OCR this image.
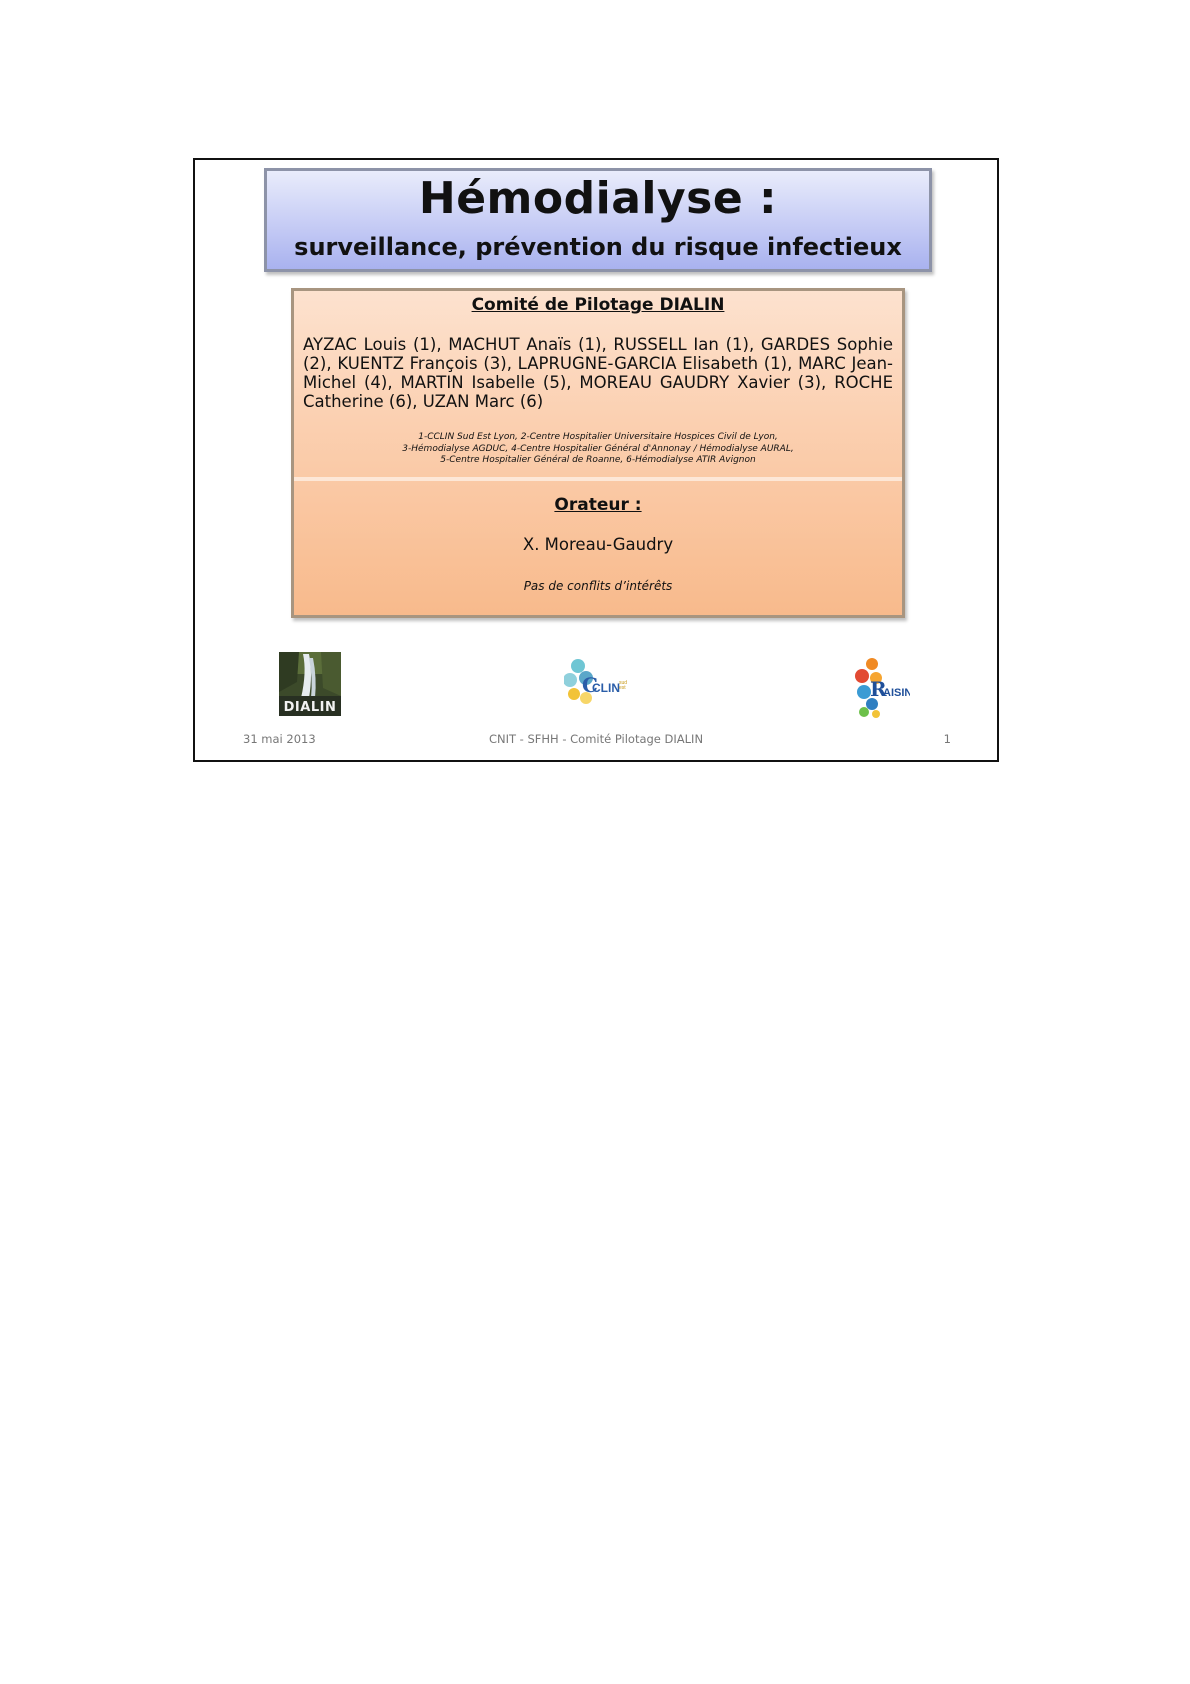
Hémodialyse :
surveillance, prévention du risque infectieux
Comité de Pilotage DIALIN
AYZAC Louis (1), MACHUT Anaïs (1), RUSSELL Ian (1), GARDES Sophie (2), KUENTZ François (3), LAPRUGNE-GARCIA Elisabeth (1), MARC Jean-Michel (4), MARTIN Isabelle (5), MOREAU GAUDRY Xavier (3), ROCHE Catherine (6), UZAN Marc (6)
1-CCLIN Sud Est Lyon, 2-Centre Hospitalier Universitaire Hospices Civil de Lyon,
3-Hémodialyse AGDUC, 4-Centre Hospitalier Général d'Annonay / Hémodialyse AURAL,
5-Centre Hospitalier Général de Roanne, 6-Hémodialyse ATIR Avignon
Orateur :
X. Moreau-Gaudry
Pas de conflits d’intérêts
DIALIN
C
CLIN sud
est	R
AISIN
31 mai 2013	CNIT - SFHH - Comité Pilotage DIALIN	1
